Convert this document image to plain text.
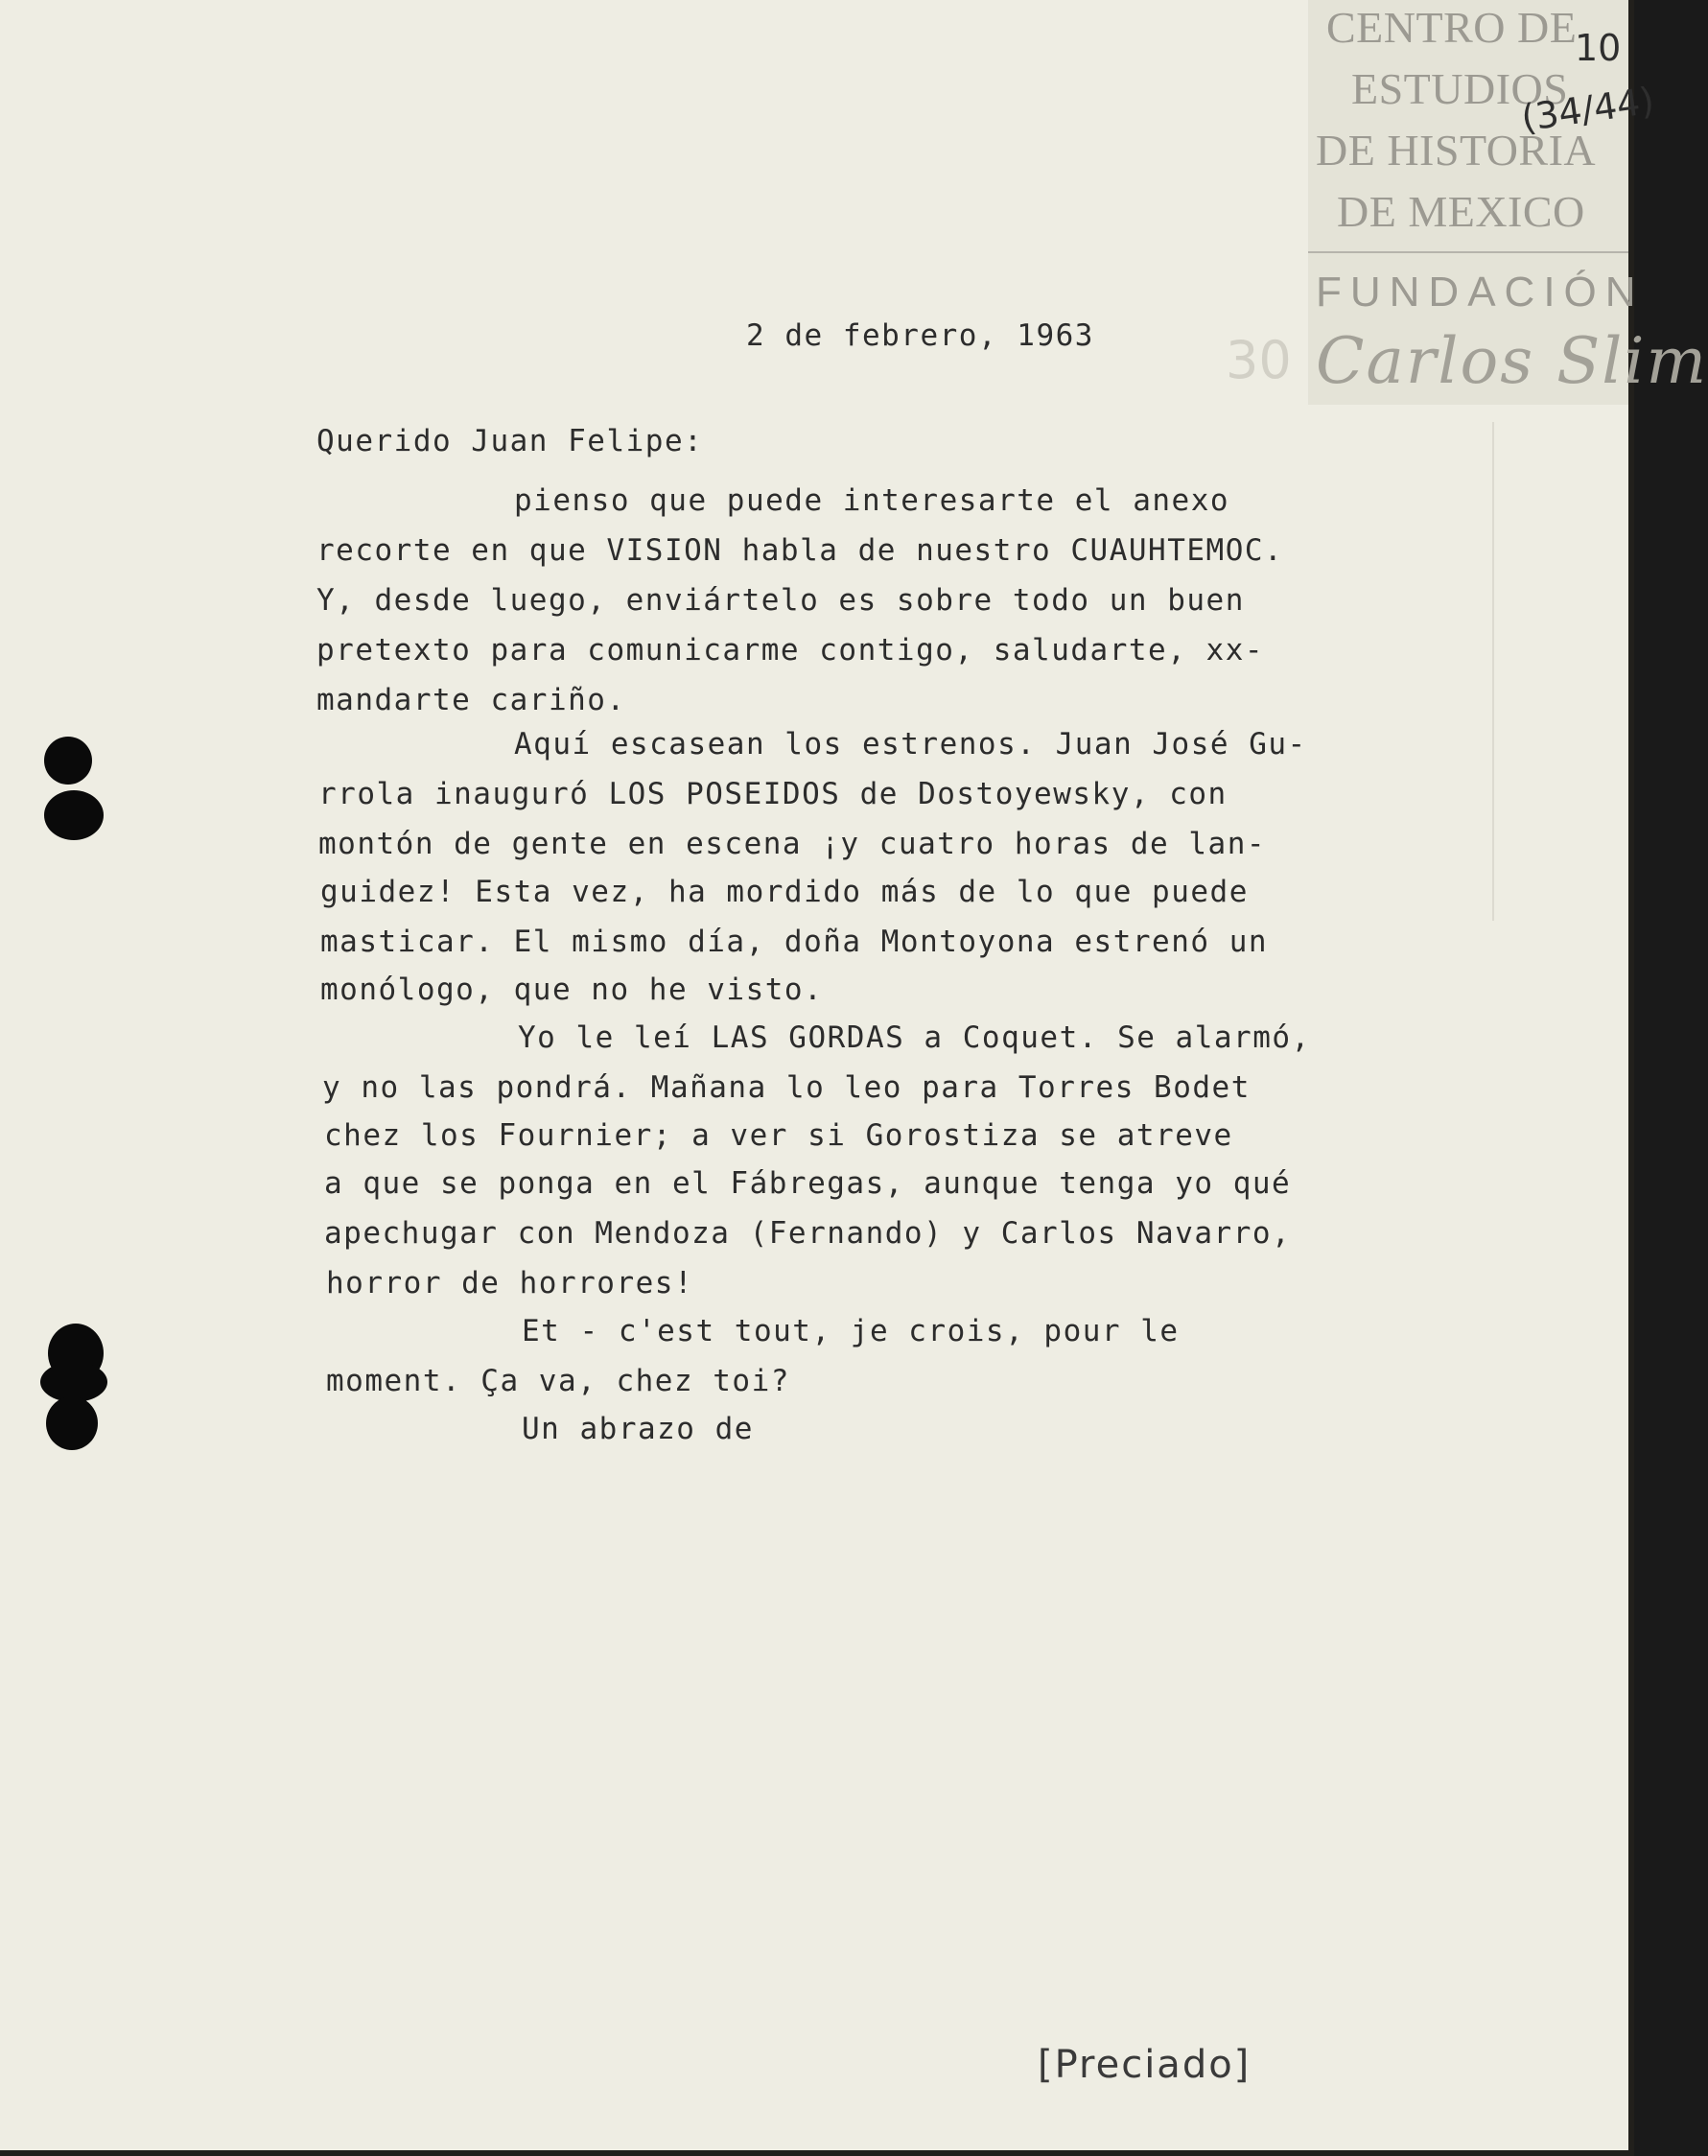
CENTRO DE
ESTUDIOS
DE HISTORIA
DE MEXICO
FUNDACIÓN
Carlos Slim
10
(34/44)
30
2 de febrero, 1963
Querido Juan Felipe:
pienso que puede interesarte el anexo
recorte en que VISION habla de nuestro CUAUHTEMOC.
Y, desde luego, enviártelo es sobre todo un buen
pretexto para comunicarme contigo, saludarte, xx-
mandarte cariño.
Aquí escasean los estrenos. Juan José Gu-
rrola inauguró LOS POSEIDOS de Dostoyewsky, con
montón de gente en escena ¡y cuatro horas de lan-
guidez! Esta vez, ha mordido más de lo que puede
masticar. El mismo día, doña Montoyona estrenó un
monólogo, que no he visto.
Yo le leí LAS GORDAS a Coquet. Se alarmó,
y no las pondrá. Mañana lo leo para Torres Bodet
chez los Fournier; a ver si Gorostiza se atreve
a que se ponga en el Fábregas, aunque tenga yo qué
apechugar con Mendoza (Fernando) y Carlos Navarro,
horror de horrores!
Et - c'est tout, je crois, pour le
moment. Ça va, chez toi?
Un abrazo de
[Preciado]
